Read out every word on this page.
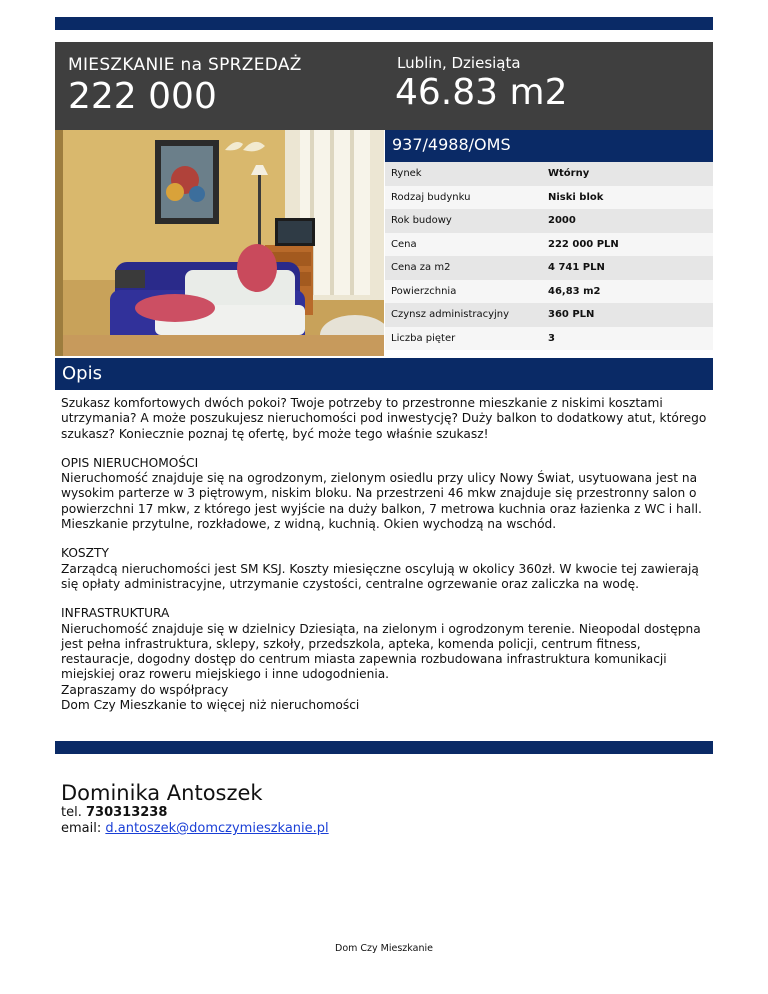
MIESZKANIE na SPRZEDAŻ
222 000
Lublin, Dziesiąta
46.83 m2
937/4988/OMS
Rynek	Wtórny
Rodzaj budynku	Niski blok
Rok budowy	2000
Cena	222 000 PLN
Cena za m2	4 741 PLN
Powierzchnia	46,83 m2
Czynsz administracyjny	360 PLN
Liczba pięter	3
Opis

Szukasz komfortowych dwóch pokoi? Twoje potrzeby to przestronne mieszkanie z niskimi kosztami utrzymania? A może poszukujesz nieruchomości pod inwestycję? Duży balkon to dodatkowy atut, którego szukasz? Koniecznie poznaj tę ofertę, być może tego właśnie szukasz!

OPIS NIERUCHOMOŚCI

Nieruchomość znajduje się na ogrodzonym, zielonym osiedlu przy ulicy Nowy Świat, usytuowana jest na wysokim parterze w 3 piętrowym, niskim bloku. Na przestrzeni 46 mkw znajduje się przestronny salon o powierzchni 17 mkw, z którego jest wyjście na duży balkon, 7 metrowa kuchnia oraz łazienka z WC i hall. Mieszkanie przytulne, rozkładowe, z widną, kuchnią. Okien wychodzą na wschód.

KOSZTY

Zarządcą nieruchomości jest SM KSJ. Koszty miesięczne oscylują w okolicy 360zł. W kwocie tej zawierają się opłaty administracyjne, utrzymanie czystości, centralne ogrzewanie oraz zaliczka na wodę.

INFRASTRUKTURA

Nieruchomość znajduje się w dzielnicy Dziesiąta, na zielonym i ogrodzonym terenie. Nieopodal dostępna jest pełna infrastruktura, sklepy, szkoły, przedszkola, apteka, komenda policji, centrum fitness, restauracje, dogodny dostęp do centrum miasta zapewnia rozbudowana infrastruktura komunikacji miejskiej oraz roweru miejskiego i inne udogodnienia.

Zapraszamy do współpracy

Dom Czy Mieszkanie to więcej niż nieruchomości

Dominika Antoszek
tel. 730313238
email: d.antoszek@domczymieszkanie.pl
Dom Czy Mieszkanie
